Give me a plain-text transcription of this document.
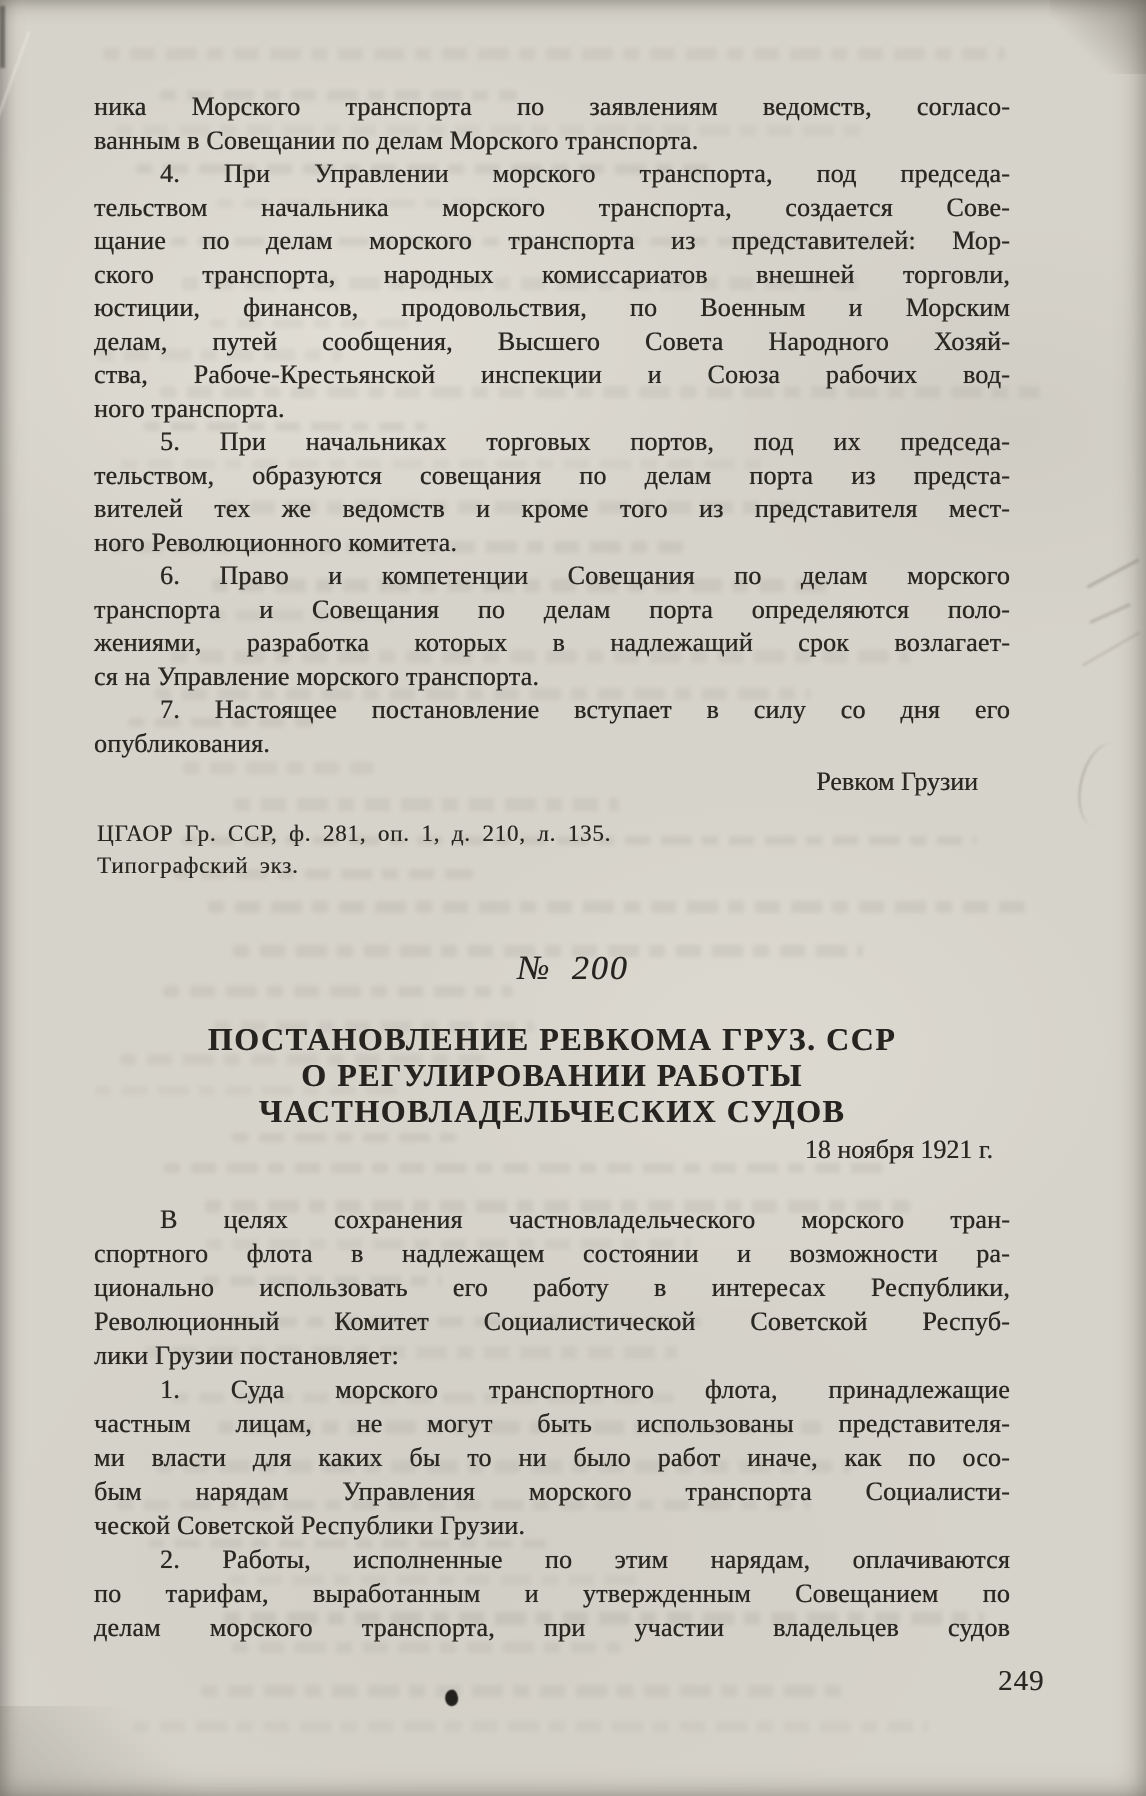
ника Морского транспорта по заявлениям ведомств, согласо-
ванным в Совещании по делам Морского транспорта.
4. При Управлении морского транспорта, под председа-
тельством начальника морского транспорта, создается Сове-
щание по делам морского транспорта из представителей: Мор-
ского транспорта, народных комиссариатов внешней торговли,
юстиции, финансов, продовольствия, по Военным и Морским
делам, путей сообщения, Высшего Совета Народного Хозяй-
ства, Рабоче-Крестьянской инспекции и Союза рабочих вод-
ного транспорта.
5. При начальниках торговых портов, под их председа-
тельством, образуются совещания по делам порта из предста-
вителей тех же ведомств и кроме того из представителя мест-
ного Революционного комитета.
6. Право и компетенции Совещания по делам морского
транспорта и Совещания по делам порта определяются поло-
жениями, разработка которых в надлежащий срок возлагает-
ся на Управление морского транспорта.
7. Настоящее постановление вступает в силу со дня его
опубликования.
Ревком Грузии
ЦГАОР Гр. ССР, ф. 281, оп. 1, д. 210, л. 135.
Типографский экз.
№ 200
ПОСТАНОВЛЕНИЕ РЕВКОМА ГРУЗ. ССР
О РЕГУЛИРОВАНИИ РАБОТЫ
ЧАСТНОВЛАДЕЛЬЧЕСКИХ СУДОВ
18 ноября 1921 г.
В целях сохранения частновладельческого морского тран-
спортного флота в надлежащем состоянии и возможности ра-
ционально использовать его работу в интересах Республики,
Революционный Комитет Социалистической Советской Респуб-
лики Грузии постановляет:
1. Суда морского транспортного флота, принадлежащие
частным лицам, не могут быть использованы представителя-
ми власти для каких бы то ни было работ иначе, как по осо-
бым нарядам Управления морского транспорта Социалисти-
ческой Советской Республики Грузии.
2. Работы, исполненные по этим нарядам, оплачиваются
по тарифам, выработанным и утвержденным Совещанием по
делам морского транспорта, при участии владельцев судов
249
